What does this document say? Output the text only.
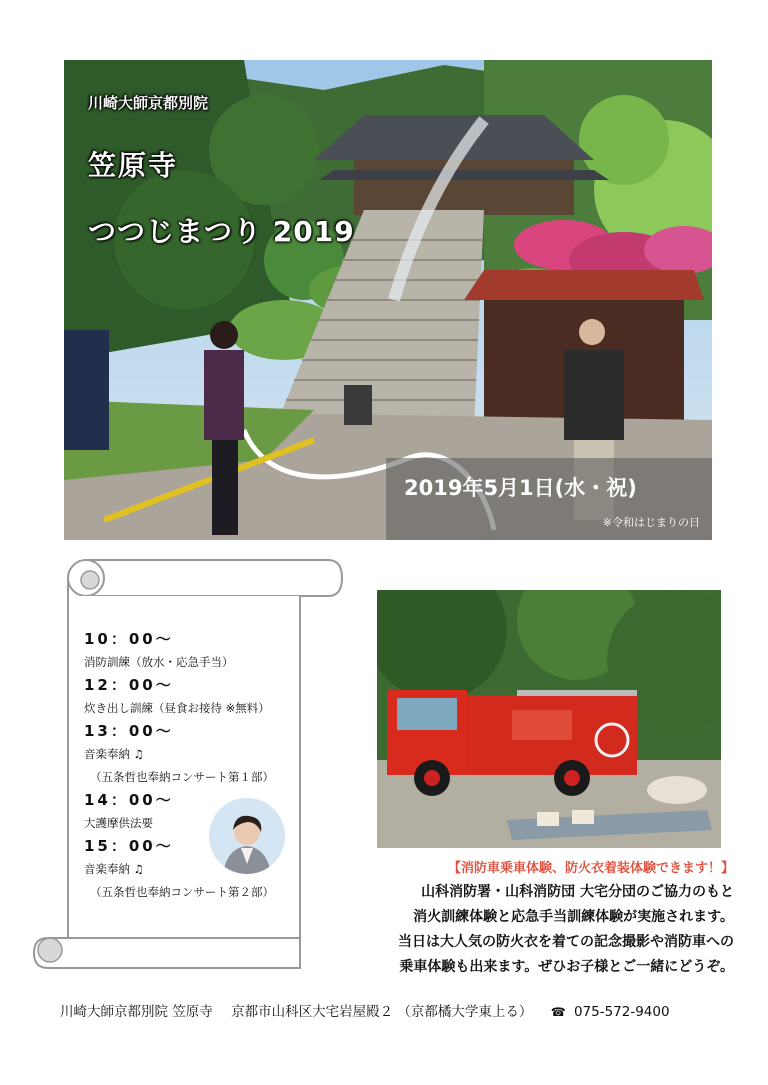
川崎大師京都別院
笠原寺
つつじまつり 2019
2019年5月1日(水・祝)
※令和はじまりの日
10：00〜
消防訓練（放水・応急手当）
12：00〜
炊き出し訓練（昼食お接待 ※無料）
13：00〜
音楽奉納 ♫
（五条哲也奉納コンサート第１部）
14：00〜
大護摩供法要
15：00〜
音楽奉納 ♫
（五条哲也奉納コンサート第２部）
【消防車乗車体験、防火衣着装体験できます！】
山科消防署・山科消防団 大宅分団のご協力のもと
消火訓練体験と応急手当訓練体験が実施されます。
当日は大人気の防火衣を着ての記念撮影や消防車への
乗車体験も出来ます。ぜひお子様とご一緒にどうぞ。
川崎大師京都別院 笠原寺 京都市山科区大宅岩屋殿２ （京都橘大学東上る） ☎ 075-572-9400
